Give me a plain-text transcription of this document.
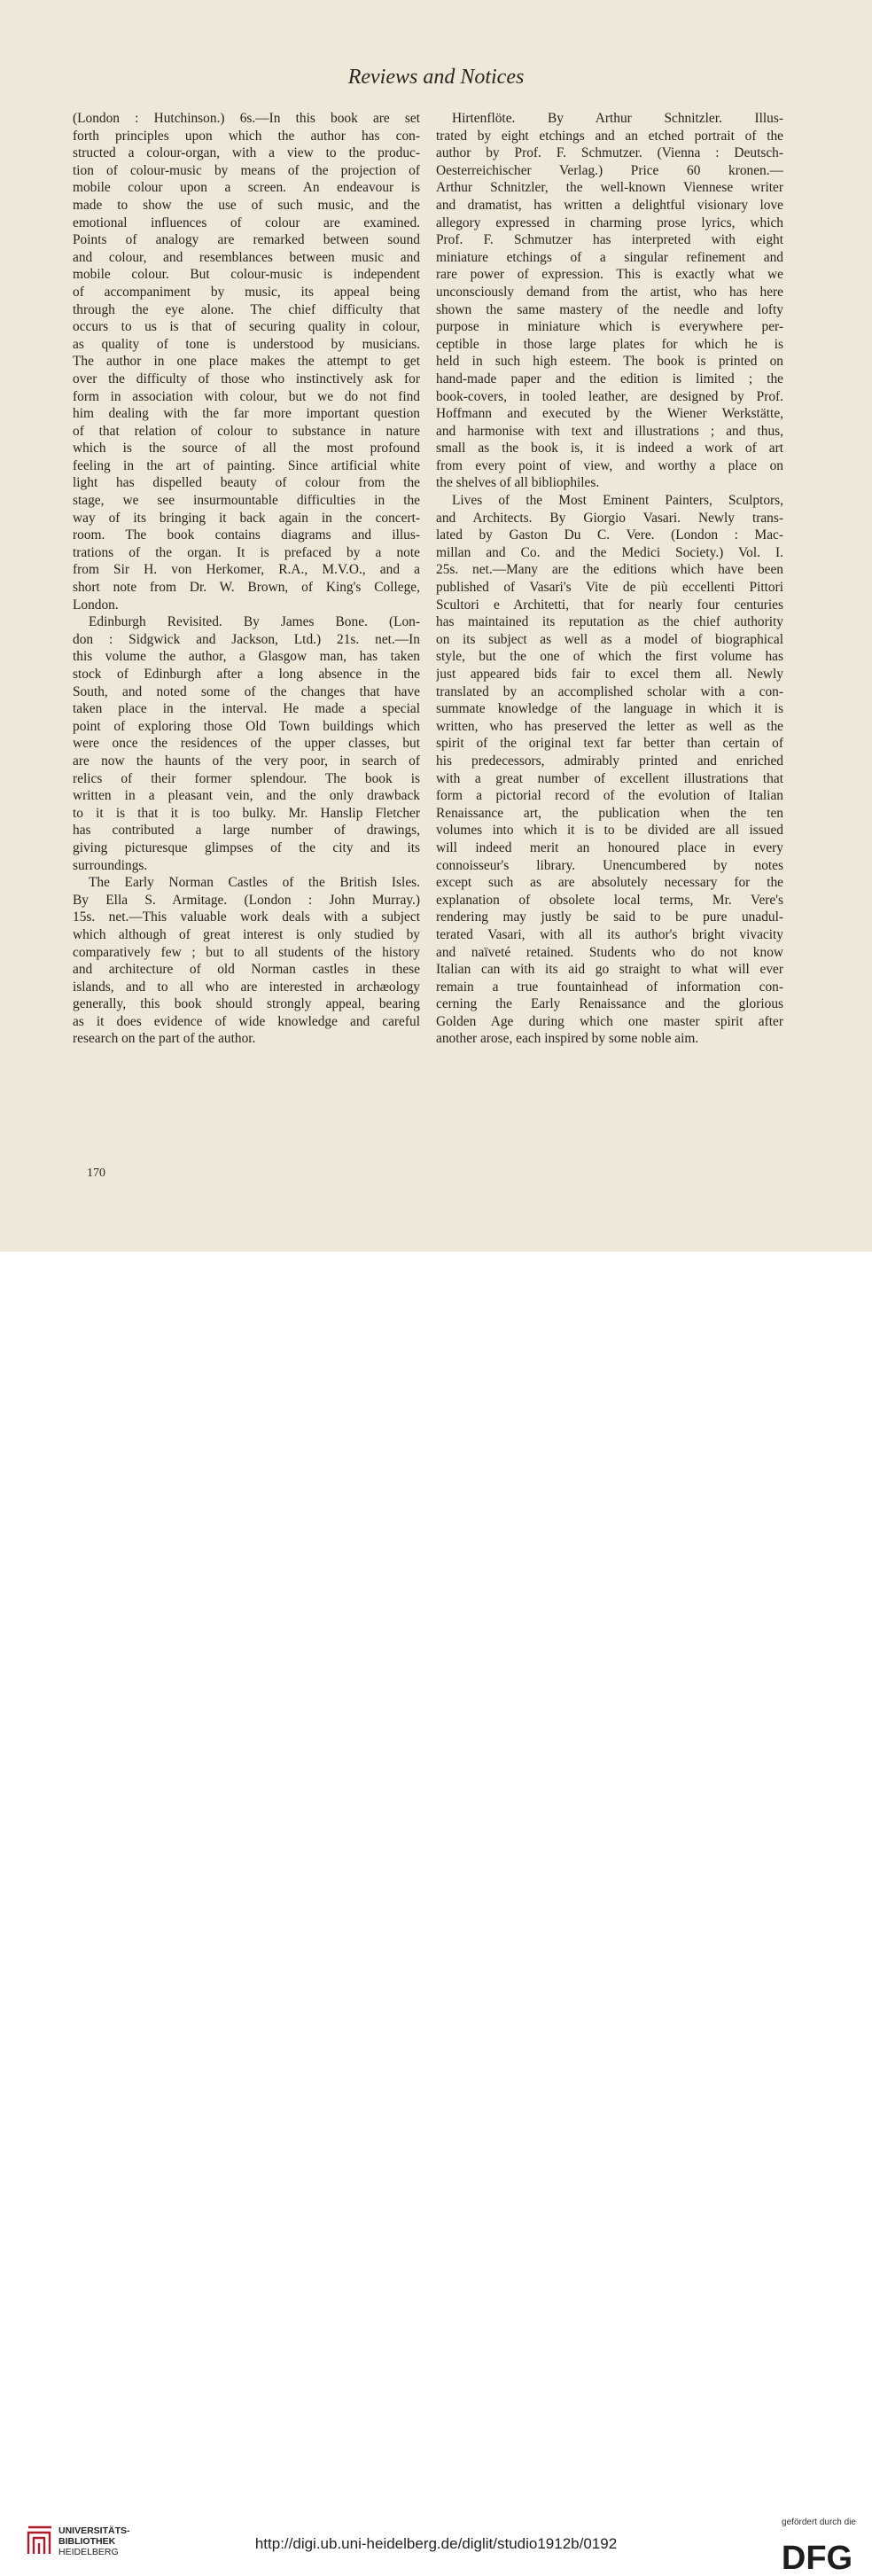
Reviews and Notices
(London : Hutchinson.) 6s.—In this book are set
forth principles upon which the author has con-
structed a colour-organ, with a view to the produc-
tion of colour-music by means of the projection of
mobile colour upon a screen. An endeavour is
made to show the use of such music, and the
emotional influences of colour are examined.
Points of analogy are remarked between sound
and colour, and resemblances between music and
mobile colour. But colour-music is independent
of accompaniment by music, its appeal being
through the eye alone. The chief difficulty that
occurs to us is that of securing quality in colour,
as quality of tone is understood by musicians.
The author in one place makes the attempt to get
over the difficulty of those who instinctively ask for
form in association with colour, but we do not find
him dealing with the far more important question
of that relation of colour to substance in nature
which is the source of all the most profound
feeling in the art of painting. Since artificial white
light has dispelled beauty of colour from the
stage, we see insurmountable difficulties in the
way of its bringing it back again in the concert-
room. The book contains diagrams and illus-
trations of the organ. It is prefaced by a note
from Sir H. von Herkomer, R.A., M.V.O., and a
short note from Dr. W. Brown, of King's College,
London.
Edinburgh Revisited. By James Bone. (Lon-
don : Sidgwick and Jackson, Ltd.) 21s. net.—In
this volume the author, a Glasgow man, has taken
stock of Edinburgh after a long absence in the
South, and noted some of the changes that have
taken place in the interval. He made a special
point of exploring those Old Town buildings which
were once the residences of the upper classes, but
are now the haunts of the very poor, in search of
relics of their former splendour. The book is
written in a pleasant vein, and the only drawback
to it is that it is too bulky. Mr. Hanslip Fletcher
has contributed a large number of drawings,
giving picturesque glimpses of the city and its
surroundings.
The Early Norman Castles of the British Isles.
By Ella S. Armitage. (London : John Murray.)
15s. net.—This valuable work deals with a subject
which although of great interest is only studied by
comparatively few ; but to all students of the history
and architecture of old Norman castles in these
islands, and to all who are interested in archæology
generally, this book should strongly appeal, bearing
as it does evidence of wide knowledge and careful
research on the part of the author.
Hirtenflöte. By Arthur Schnitzler. Illus-
trated by eight etchings and an etched portrait of the
author by Prof. F. Schmutzer. (Vienna : Deutsch-
Oesterreichischer Verlag.) Price 60 kronen.—
Arthur Schnitzler, the well-known Viennese writer
and dramatist, has written a delightful visionary love
allegory expressed in charming prose lyrics, which
Prof. F. Schmutzer has interpreted with eight
miniature etchings of a singular refinement and
rare power of expression. This is exactly what we
unconsciously demand from the artist, who has here
shown the same mastery of the needle and lofty
purpose in miniature which is everywhere per-
ceptible in those large plates for which he is
held in such high esteem. The book is printed on
hand-made paper and the edition is limited ; the
book-covers, in tooled leather, are designed by Prof.
Hoffmann and executed by the Wiener Werkstätte,
and harmonise with text and illustrations ; and thus,
small as the book is, it is indeed a work of art
from every point of view, and worthy a place on
the shelves of all bibliophiles.
Lives of the Most Eminent Painters, Sculptors,
and Architects. By Giorgio Vasari. Newly trans-
lated by Gaston Du C. Vere. (London : Mac-
millan and Co. and the Medici Society.) Vol. I.
25s. net.—Many are the editions which have been
published of Vasari's Vite de più eccellenti Pittori
Scultori e Architetti, that for nearly four centuries
has maintained its reputation as the chief authority
on its subject as well as a model of biographical
style, but the one of which the first volume has
just appeared bids fair to excel them all. Newly
translated by an accomplished scholar with a con-
summate knowledge of the language in which it is
written, who has preserved the letter as well as the
spirit of the original text far better than certain of
his predecessors, admirably printed and enriched
with a great number of excellent illustrations that
form a pictorial record of the evolution of Italian
Renaissance art, the publication when the ten
volumes into which it is to be divided are all issued
will indeed merit an honoured place in every
connoisseur's library. Unencumbered by notes
except such as are absolutely necessary for the
explanation of obsolete local terms, Mr. Vere's
rendering may justly be said to be pure unadul-
terated Vasari, with all its author's bright vivacity
and naïveté retained. Students who do not know
Italian can with its aid go straight to what will ever
remain a true fountainhead of information con-
cerning the Early Renaissance and the glorious
Golden Age during which one master spirit after
another arose, each inspired by some noble aim.
170
UNIVERSITÄTS-
BIBLIOTHEK
HEIDELBERG	http://digi.ub.uni-heidelberg.de/diglit/studio1912b/0192
gefördert durch die
DFG
